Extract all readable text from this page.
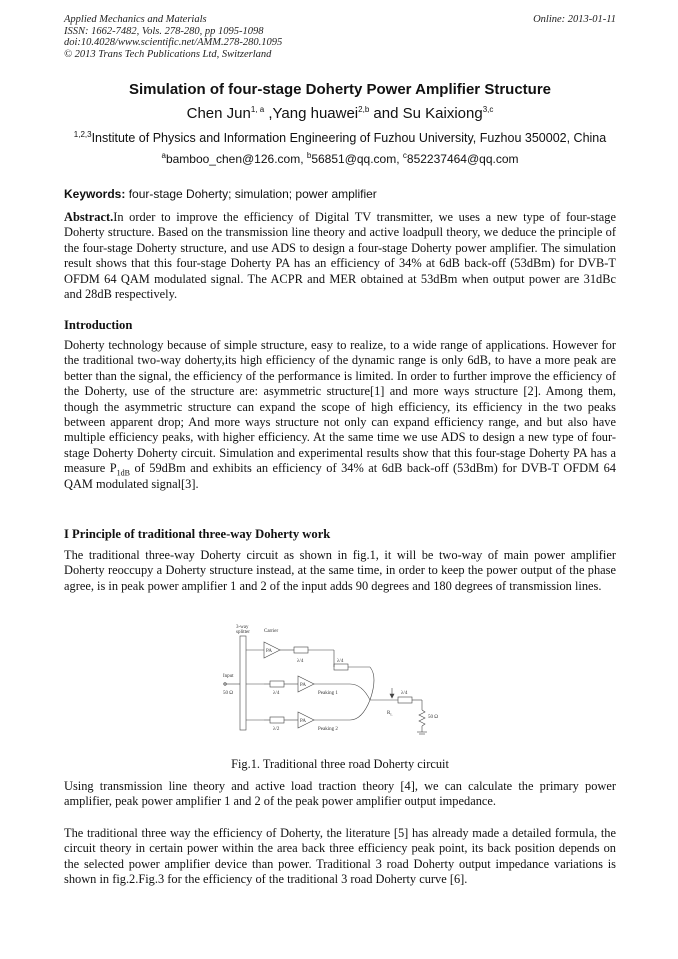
Applied Mechanics and Materials
ISSN: 1662-7482, Vols. 278-280, pp 1095-1098
doi:10.4028/www.scientific.net/AMM.278-280.1095
© 2013 Trans Tech Publications Ltd, Switzerland
Online: 2013-01-11
Simulation of four-stage Doherty Power Amplifier Structure
Chen Jun$^{1, a}$ ,Yang huawei$^{2,b}$ and Su Kaixiong$^{3,c}$
$^{1,2,3}$Institute of Physics and Information Engineering of Fuzhou University, Fuzhou 350002, China
$^a$bamboo_chen@126.com, $^b$56851@qq.com, $^c$852237464@qq.com
Keywords: four-stage Doherty; simulation; power amplifier
Abstract.In order to improve the efficiency of Digital TV transmitter, we uses a new type of four-stage Doherty structure. Based on the transmission line theory and active loadpull theory, we deduce the principle of the four-stage Doherty structure, and use ADS to design a four-stage Doherty power amplifier. The simulation result shows that this four-stage Doherty PA has an efficiency of 34% at 6dB back-off (53dBm) for DVB-T OFDM 64 QAM modulated signal. The ACPR and MER obtained at 53dBm when output power are 31dBc and 28dB respectively.
Introduction
Doherty technology because of simple structure, easy to realize, to a wide range of applications. However for the traditional two-way doherty,its high efficiency of the dynamic range is only 6dB, to have a more peak are better than the signal, the efficiency of the performance is limited. In order to further improve the efficiency of the Doherty, use of the structure are: asymmetric structure[1] and more ways structure [2]. Among them, though the asymmetric structure can expand the scope of high efficiency, its efficiency in the two peaks between apparent drop; And more ways structure not only can expand efficiency range, and but also have multiple efficiency peaks, with higher efficiency. At the same time we use ADS to design a new type of four-stage Doherty Doherty circuit. Simulation and experimental results show that this four-stage Doherty PA has a measure $P_{1dB}$ of 59dBm and exhibits an efficiency of 34% at 6dB back-off (53dBm) for DVB-T OFDM 64 QAM modulated signal[3].
I Principle of traditional three-way Doherty work
The traditional three-way Doherty circuit as shown in fig.1, it will be two-way of main power amplifier Doherty reoccupy a Doherty structure instead, at the same time, in order to keep the power output of the phase agree, is in peak power amplifier 1 and 2 of the input adds 90 degrees and 180 degrees of transmission lines.
3-way
splitter	Carrier
Input
50 Ω
PA
PA
PA
λ/4	λ/4
λ/4	λ/4
λ/2
Peaking 1
Peaking 2
$R_L$
50 Ω
Fig.1. Traditional three road Doherty circuit
Using transmission line theory and active load traction theory [4], we can calculate the primary power amplifier, peak power amplifier 1 and 2 of the peak power amplifier output impedance.
The traditional three way the efficiency of Doherty, the literature [5] has already made a detailed formula, the circuit theory in certain power within the area back three efficiency peak point, its back position depends on the selected power amplifier device than power. Traditional 3 road Doherty output impedance variations is shown in fig.2.Fig.3 for the efficiency of the traditional 3 road Doherty curve [6].
